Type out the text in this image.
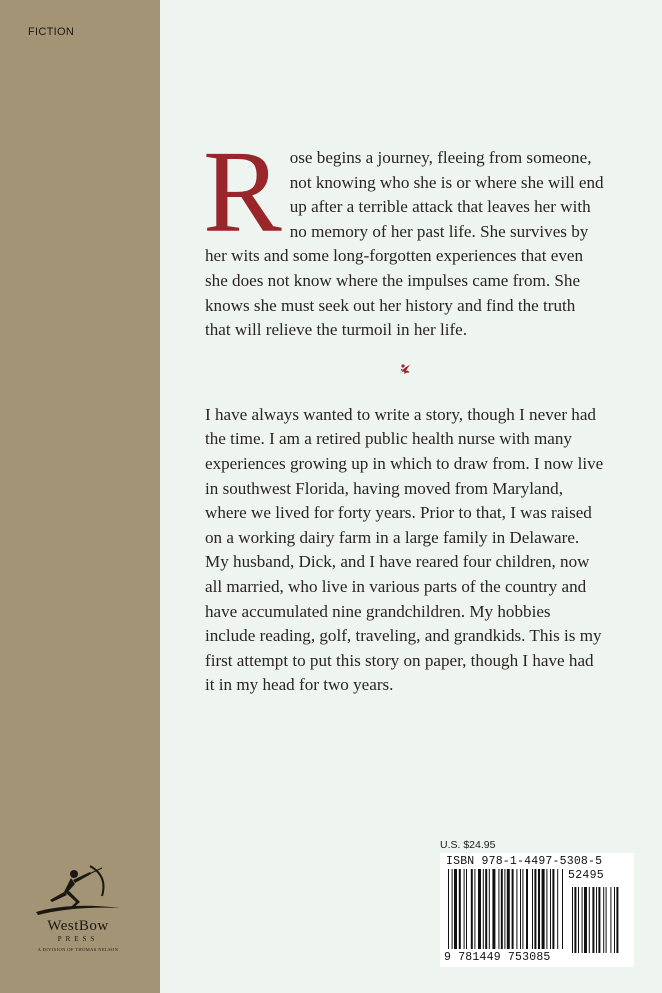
FICTION
WestBow
PRESS
A DIVISION OF THOMAS NELSON

Rose begins a journey, fleeing from someone, not knowing who she is or where she will end up after a terrible attack that leaves her with no memory of her past life. She survives by her wits and some long-forgotten experiences that even she does not know where the impulses came from. She knows she must seek out her history and find the truth that will relieve the turmoil in her life.

I have always wanted to write a story, though I never had the time. I am a retired public health nurse with many experiences growing up in which to draw from. I now live in southwest Florida, having moved from Maryland, where we lived for forty years. Prior to that, I was raised on a working dairy farm in a large family in Delaware. My husband, Dick, and I have reared four children, now all married, who live in various parts of the country and have accumulated nine grandchildren. My hobbies include reading, golf, traveling, and grandkids. This is my first attempt to put this story on paper, though I have had it in my head for two years.

U.S. $24.95
ISBN 978-1-4497-5308-5
52495
9 781449 753085
